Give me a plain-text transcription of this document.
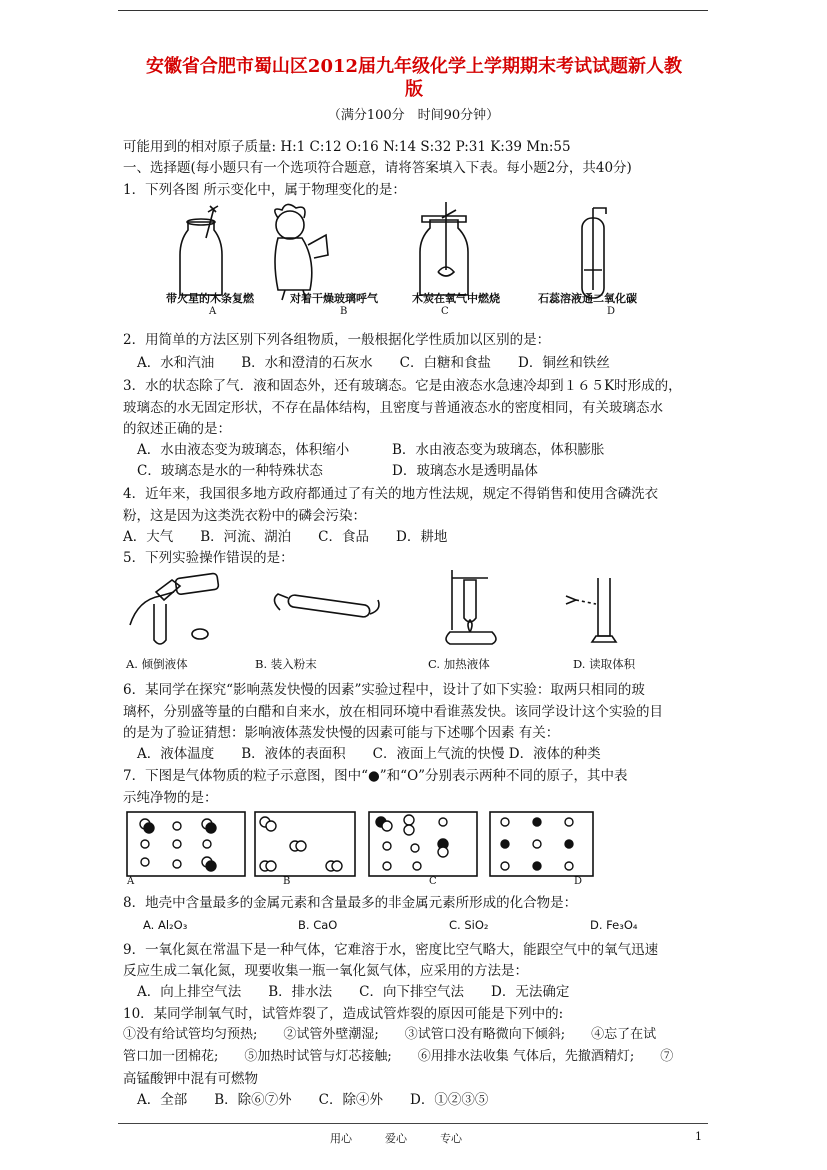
安徽省合肥市蜀山区2012届九年级化学上学期期末考试试题新人教
版
（满分100分　时间90分钟）
可能用到的相对原子质量: H:1 C:12 O:16 N:14 S:32 P:31 K:39 Mn:55
一、选择题(每小题只有一个选项符合题意，请将答案填入下表。每小题2分，共40分)
1．下列各图 所示变化中，属于物理变化的是：
带火星的木条复燃	对着干燥玻璃呼气	木炭在氧气中燃烧	石蕊溶液通二氧化碳
A	B	C	D
2．用简单的方法区别下列各组物质，一般根据化学性质加以区别的是：
A．水和汽油　　B．水和澄清的石灰水　　C．白糖和食盐　　D．铜丝和铁丝
3．水的状态除了气．液和固态外，还有玻璃态。它是由液态水急速冷却到１６５K时形成的，
玻璃态的水无固定形状，不存在晶体结构，且密度与普通液态水的密度相同，有关玻璃态水
的叙述正确的是：
A．水由液态变为玻璃态，体积缩小	B．水由液态变为玻璃态，体积膨胀
C．玻璃态是水的一种特殊状态	D．玻璃态水是透明晶体
4．近年来，我国很多地方政府都通过了有关的地方性法规，规定不得销售和使用含磷洗衣
粉，这是因为这类洗衣粉中的磷会污染：
A．大气　　B．河流、湖泊　　C．食品　　D．耕地
5．下列实验操作错误的是：
A. 倾倒液体	B. 装入粉末	C. 加热液体	D. 读取体积
6．某同学在探究“影响蒸发快慢的因素”实验过程中，设计了如下实验：取两只相同的玻
璃杯，分别盛等量的白醋和自来水，放在相同环境中看谁蒸发快。该同学设计这个实验的目
的是为了验证猜想：影响液体蒸发快慢的因素可能与下述哪个因素 有关：
A．液体温度　　B．液体的表面积　　C．液面上气流的快慢 D．液体的种类
7．下图是气体物质的粒子示意图，图中“●”和“O”分别表示两种不同的原子，其中表
示纯净物的是：
A	B	C	D
8．地壳中含量最多的金属元素和含量最多的非金属元素所形成的化合物是：
A. Al₂O₃	B. CaO	C. SiO₂	D. Fe₃O₄
9．一氧化氮在常温下是一种气体，它难溶于水，密度比空气略大，能跟空气中的氧气迅速
反应生成二氧化氮，现要收集一瓶一氧化氮气体，应采用的方法是：
A．向上排空气法　　B．排水法　　C．向下排空气法　　D．无法确定
10．某同学制氧气时，试管炸裂了，造成试管炸裂的原因可能是下列中的:
①没有给试管均匀预热;　　②试管外壁潮湿;　　③试管口没有略微向下倾斜;　　④忘了在试
管口加一团棉花;　　⑤加热时试管与灯芯接触;　　⑥用排水法收集 气体后，先撤酒精灯;　　⑦
高锰酸钾中混有可燃物
A．全部　　B．除⑥⑦外　　C．除④外　　D．①②③⑤
用心　　　爱心　　　专心	1
